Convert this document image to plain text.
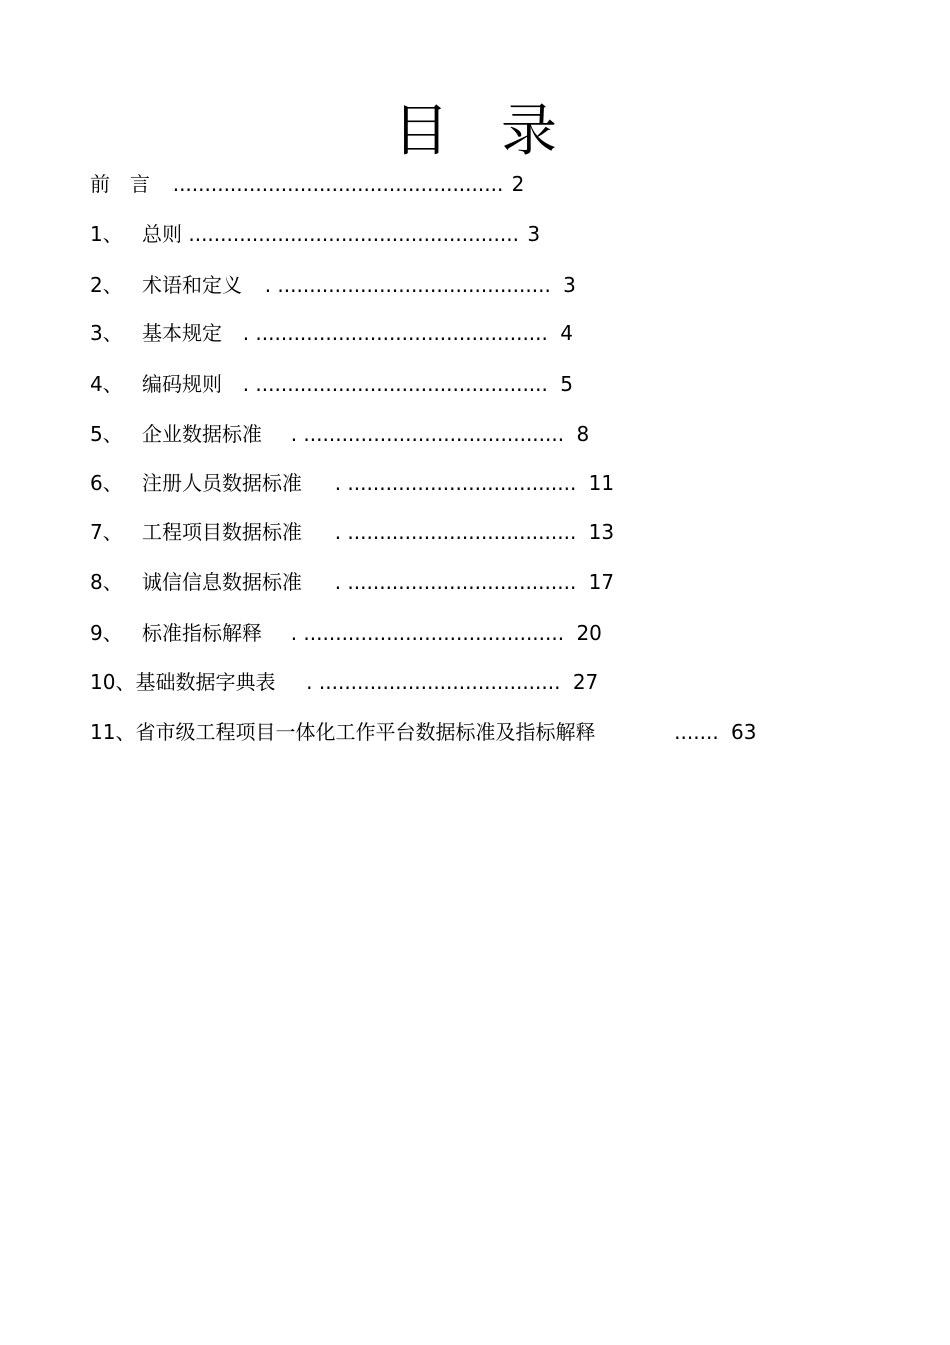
目 录
前　言 .................................................... 2
1、 总则 .................................................... 3
2、 术语和定义 . ........................................... 3
3、 基本规定 . .............................................. 4
4、 编码规则 . .............................................. 5
5、 企业数据标准 . ......................................... 8
6、 注册人员数据标准 . .................................... 11
7、 工程项目数据标准 . .................................... 13
8、 诚信信息数据标准 . .................................... 17
9、 标准指标解释 . ......................................... 20
10、基础数据字典表 . ...................................... 27
11、省市级工程项目一体化工作平台数据标准及指标解释	....... 63
